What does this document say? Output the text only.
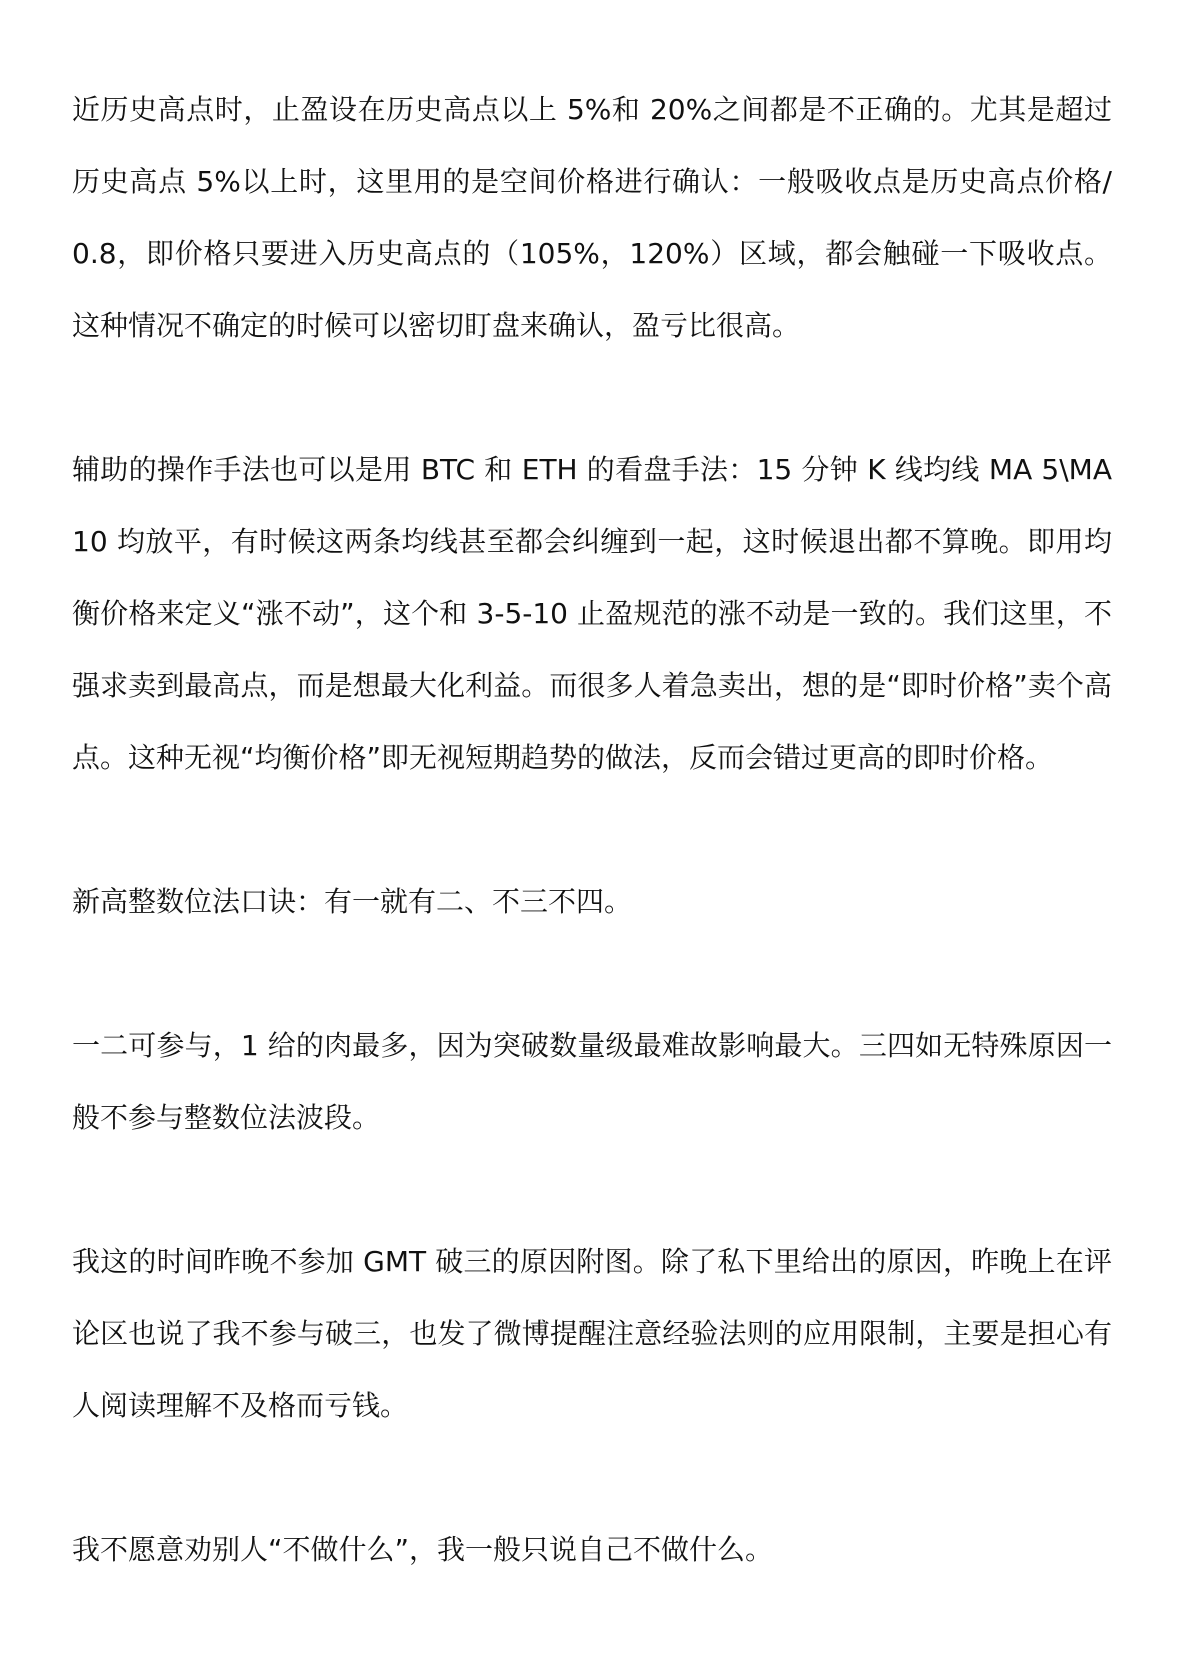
近历史高点时，止盈设在历史高点以上 5%和 20%之间都是不正确的。尤其是超过历史高点 5%以上时，这里用的是空间价格进行确认：一般吸收点是历史高点价格/0.8，即价格只要进入历史高点的（105%，120%）区域，都会触碰一下吸收点。这种情况不确定的时候可以密切盯盘来确认，盈亏比很高。

辅助的操作手法也可以是用 BTC 和 ETH 的看盘手法：15 分钟 K 线均线 MA 5\MA10 均放平，有时候这两条均线甚至都会纠缠到一起，这时候退出都不算晚。即用均衡价格来定义“涨不动”，这个和 3-5-10 止盈规范的涨不动是一致的。我们这里，不强求卖到最高点，而是想最大化利益。而很多人着急卖出，想的是“即时价格”卖个高点。这种无视“均衡价格”即无视短期趋势的做法，反而会错过更高的即时价格。

新高整数位法口诀：有一就有二、不三不四。

一二可参与，1 给的肉最多，因为突破数量级最难故影响最大。三四如无特殊原因一般不参与整数位法波段。

我这的时间昨晚不参加 GMT 破三的原因附图。除了私下里给出的原因，昨晚上在评论区也说了我不参与破三，也发了微博提醒注意经验法则的应用限制，主要是担心有人阅读理解不及格而亏钱。

我不愿意劝别人“不做什么”，我一般只说自己不做什么。
